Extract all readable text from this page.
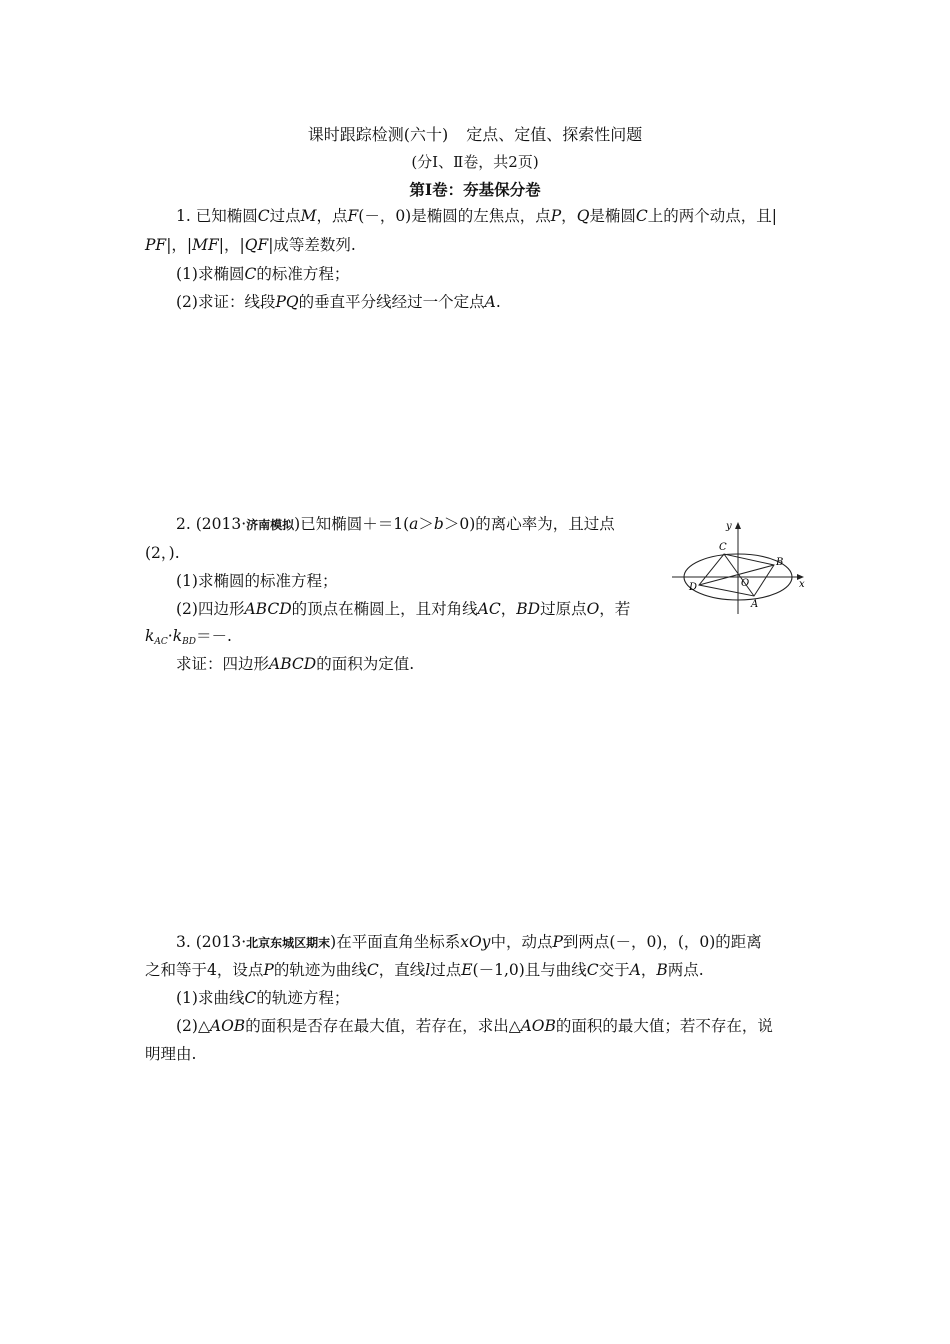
课时跟踪检测(六十) 定点、定值、探索性问题
(分Ⅰ、Ⅱ卷，共2页)
第Ⅰ卷：夯基保分卷
1. 已知椭圆C过点M，点F(－，0)是椭圆的左焦点，点P，Q是椭圆C上的两个动点，且|
PF|，|MF|，|QF|成等差数列.
(1)求椭圆C的标准方程；
(2)求证：线段PQ的垂直平分线经过一个定点A.
2. (2013·济南模拟)已知椭圆＋＝1(a＞b＞0)的离心率为，且过点
(2，).
(1)求椭圆的标准方程；
(2)四边形ABCD的顶点在椭圆上，且对角线AC，BD过原点O，若
$k_{AC}\cdot k_{BD}=-$.
求证：四边形ABCD的面积为定值.
y
x
C
B
D	O
A
3. (2013·北京东城区期末)在平面直角坐标系xOy中，动点P到两点(－，0)，(，0)的距离
之和等于4，设点P的轨迹为曲线C，直线l过点E(－1,0)且与曲线C交于A，B两点.
(1)求曲线C的轨迹方程；
(2)△AOB的面积是否存在最大值，若存在，求出△AOB的面积的最大值；若不存在，说
明理由.
